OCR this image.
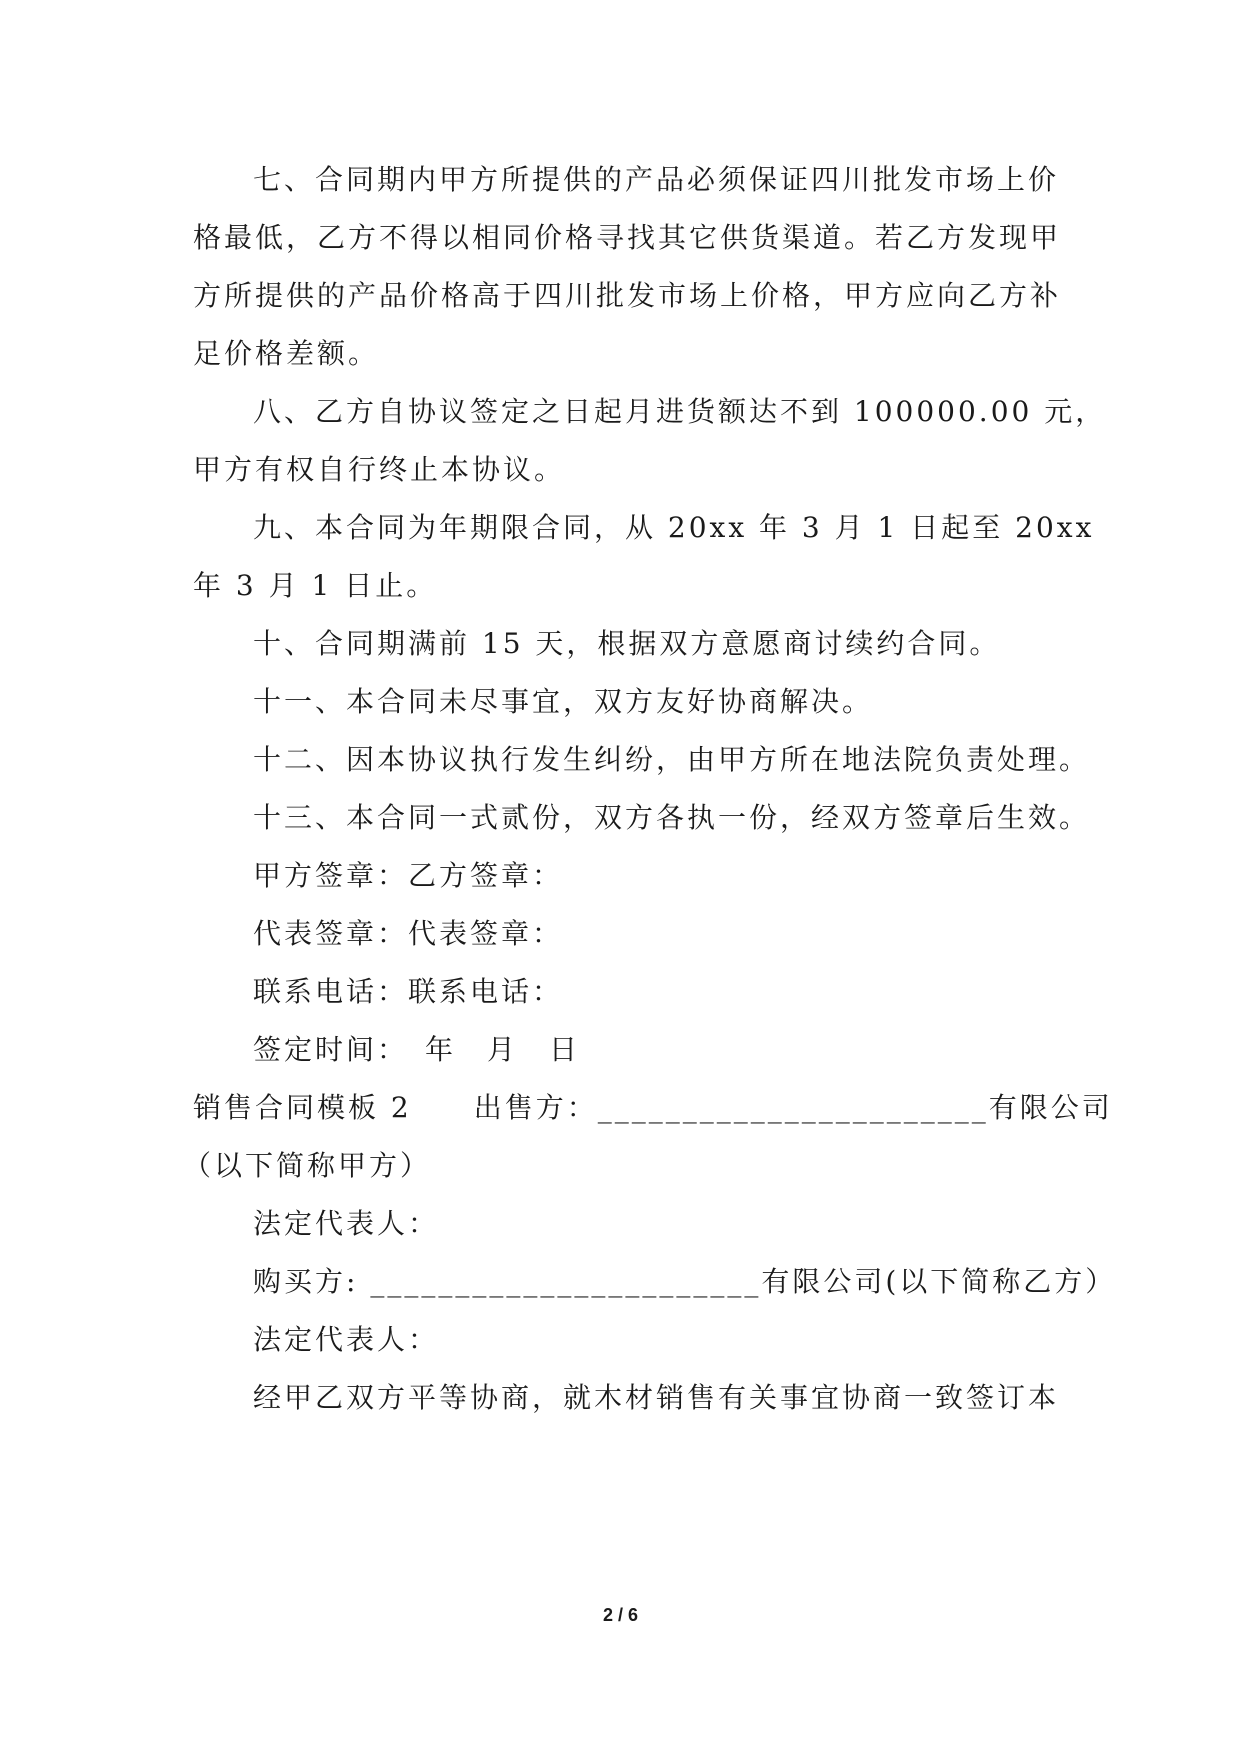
七、合同期内甲方所提供的产品必须保证四川批发市场上价
格最低，乙方不得以相同价格寻找其它供货渠道。若乙方发现甲
方所提供的产品价格高于四川批发市场上价格，甲方应向乙方补
足价格差额。
八、乙方自协议签定之日起月进货额达不到 100000.00 元，
甲方有权自行终止本协议。
九、本合同为年期限合同，从 20xx 年 3 月 1 日起至 20xx
年 3 月 1 日止。
十、合同期满前 15 天，根据双方意愿商讨续约合同。
十一、本合同未尽事宜，双方友好协商解决。
十二、因本协议执行发生纠纷，由甲方所在地法院负责处理。
十三、本合同一式贰份，双方各执一份，经双方签章后生效。
甲方签章：乙方签章：
代表签章：代表签章：
联系电话：联系电话：
签定时间：　年　月　日
销售合同模板 2　　出售方：_______________________有限公司
（以下简称甲方）
法定代表人：
购买方: _______________________有限公司(以下简称乙方）
法定代表人：
经甲乙双方平等协商，就木材销售有关事宜协商一致签订本
2 / 6
